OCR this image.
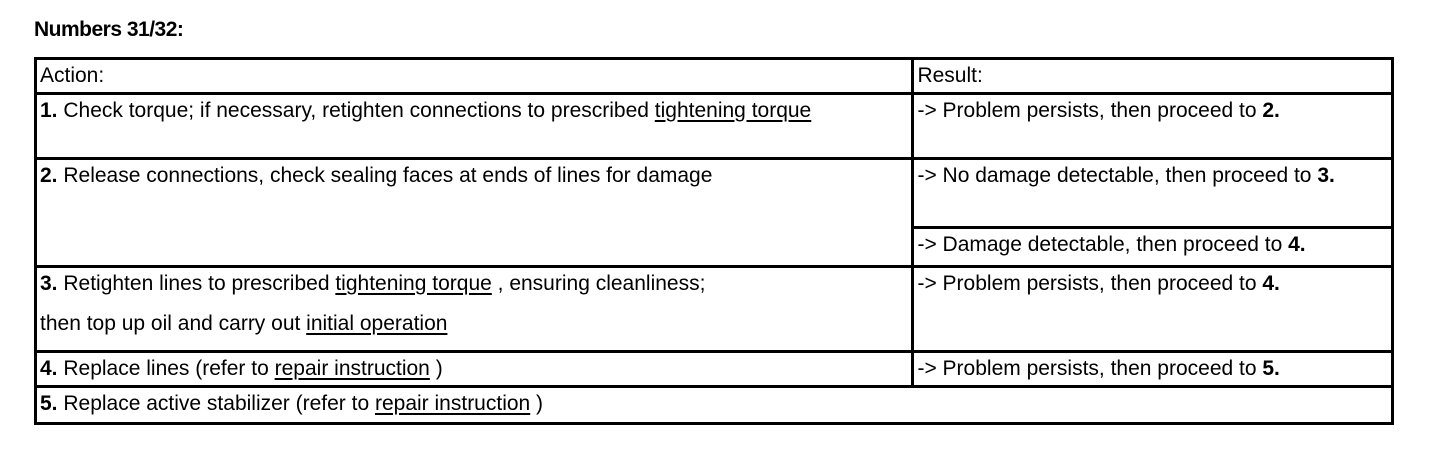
Numbers 31/32:
Action:	Result:
1. Check torque; if necessary, retighten connections to prescribed tightening torque	-> Problem persists, then proceed to 2.
2. Release connections, check sealing faces at ends of lines for damage	-> No damage detectable, then proceed to 3.
	-> Damage detectable, then proceed to 4.
3. Retighten lines to prescribed tightening torque , ensuring cleanliness;
then top up oil and carry out initial operation	-> Problem persists, then proceed to 4.
4. Replace lines (refer to repair instruction )	-> Problem persists, then proceed to 5.
5. Replace active stabilizer (refer to repair instruction )	
